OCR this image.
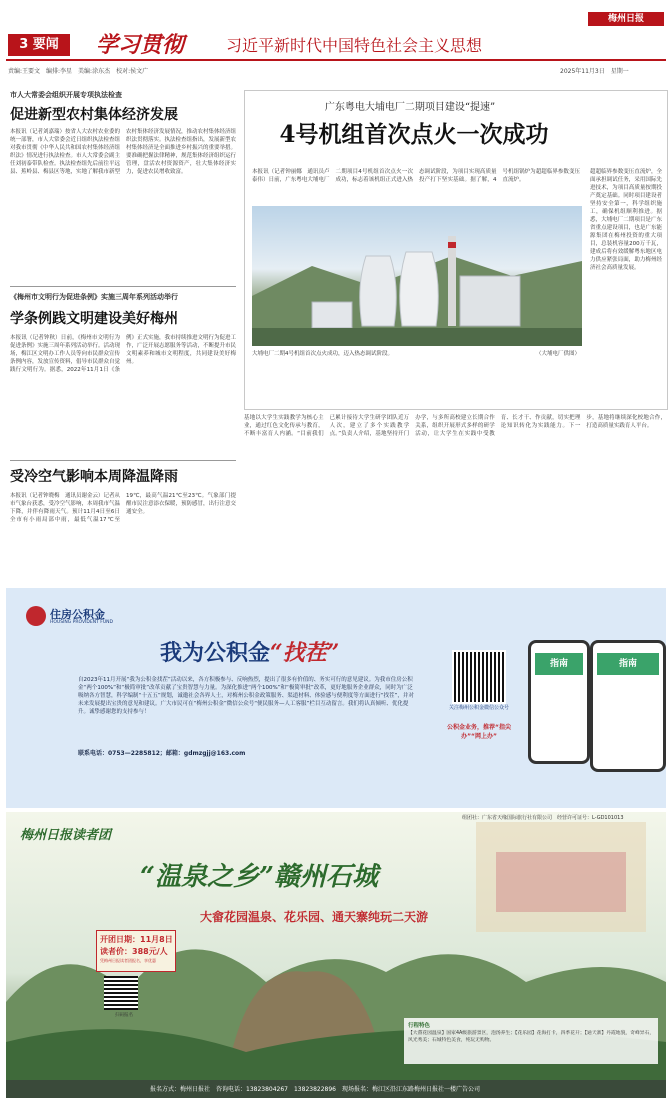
3 要闻	学习贯彻	习近平新时代中国特色社会主义思想
梅州日报
责编:王要文　编排:李星　美编:涂东杰　校对:侯文广	2025年11月3日　星期一
市人大常委会组织开展专项执法检查
促进新型农村集体经济发展
本报讯（记者刘嘉瑞）按省人大农村农业委的统一部署，市人大常委会近日组织执法检查组对我市贯彻《中华人民共和国农村集体经济组织法》情况进行执法检查。市人大常委会副主任刘初泰带队检查。执法检查组先后前往平远县、蕉岭县、梅县区等地，实地了解我市新型农村集体经济发展情况，推动农村集体经济组织法贯彻落实。执法检查组指出，发展新型农村集体经济是全面推进乡村振兴的重要举措。要准确把握法律精神，规范集体经济组织运行管理，盘活农村资源资产，壮大集体经济实力，促进农民增收致富。
《梅州市文明行为促进条例》实施三周年系列活动举行
学条例践文明建设美好梅州
本报讯（记者钟秋）日前，《梅州市文明行为促进条例》实施三周年系列活动举行。活动现场，梅江区文明办工作人员等向市民群众宣传条例内容，发放宣传资料，倡导市民群众自觉践行文明行为。据悉，2022年11月1日《条例》正式实施，我市持续推进文明行为促进工作，广泛开展志愿服务等活动，不断提升市民文明素养和城市文明程度，共同建设美好梅州。
受冷空气影响本周降温降雨
本报讯（记者钟晓梅　通讯员谢金云）记者从市气象台获悉，受冷空气影响，本周我市气温下降，并伴有降雨天气。预计11月4日至6日全市有小雨局部中雨，最低气温17℃至19℃，最高气温21℃至23℃。气象部门提醒市民注意添衣保暖，预防感冒，出行注意交通安全。
广东粤电大埔电厂二期项目建设“提速”
4号机组首次点火一次成功
本报讯（记者钟丽娜　通讯员卢泰伟）日前，广东粤电大埔电厂二期项目4号机组首次点火一次成功，标志着该机组正式进入热态调试阶段，为项目实现高质量投产打下坚实基础。据了解，4号机组锅炉为超超临界参数变压直流炉。
大埔电厂二期4号机组首次点火成功，迈入热态调试阶段。	（大埔电厂供图）
超超临界参数变压直流炉，全面承担调试任务，采用国际先进技术，为项目高质量按期投产奠定基础。同时项目建设者坚持安全第一，科学组织施工，确保机组顺利推进。据悉，大埔电厂二期项目是广东省重点建设项目，也是广东能源集团在梅州投资的重大项目，总装机容量200万千瓦，建成后将有效缓解粤东地区电力供应紧张局面，助力梅州经济社会高质量发展。
基地以大学生实践教学为核心主业，通过红色文化传承与教育，不断丰富育人内涵。“目前我们已累计接待大学生研学团队近万人次，建立了多个实践教学点。”负责人介绍，基地坚持开门办学，与多所高校建立长期合作关系，组织开展形式多样的研学活动，让大学生在实践中受教育、长才干、作贡献，切实把理论知识转化为实践能力。下一步，基地将继续深化校地合作，打造高质量实践育人平台。
住房公积金
HOUSING PROVIDENT FUND
我为公积金“找茬”
自2023年11月开展“我为公积金找茬”活动以来，各方积极参与、反响热烈，提出了很多有价值的、务实可行的意见建议。为我市住房公积金“两个100%”和“极简审批”改革贡献了宝贵智慧与力量。为深化推进“两个100%”和“极简审批”改革，更好地服务企业群众，同时为广泛吸纳各方智慧，科学编制“十五五”规划，诚邀社会各界人士，对梅州公积金政策服务、渠道材料、体验感与便利度等方面进行“找茬”，并对未来发展提出宝贵的意见和建议。广大市民可在“梅州公积金”微信公众号“便民服务—人工客服”栏目互动留言。我们将认真倾听、优化提升。诚挚感谢您的支持参与！
联系电话：0753—2285812；邮箱：gdmzgjj@163.com
关注梅州公积金微信公众号
公积金业务，推荐“指尖办”“网上办”
指南	指南
梅州日报读者团
组团社：广东省天缘国际旅行社有限公司　经营许可证号：L-GD101013
“温泉之乡”赣州石城
大畲花园温泉、花乐园、通天寨纯玩二天游
开团日期：11月8日
读者价：388元/人
凭梅州日报读者团报名，享优惠
扫码报名
行程特色
【大畲花园温泉】国家4A级旅游景区，泡汤养生；【花乐园】花海打卡，四季花开；【通天寨】丹霞地貌，奇峰异石，风光秀美；石城特色美食，纯玩无购物。
报名方式：梅州日报社　咨询电话：13823804267　13823822896　现场报名：梅江区沿江东路梅州日报社一楼广告公司
